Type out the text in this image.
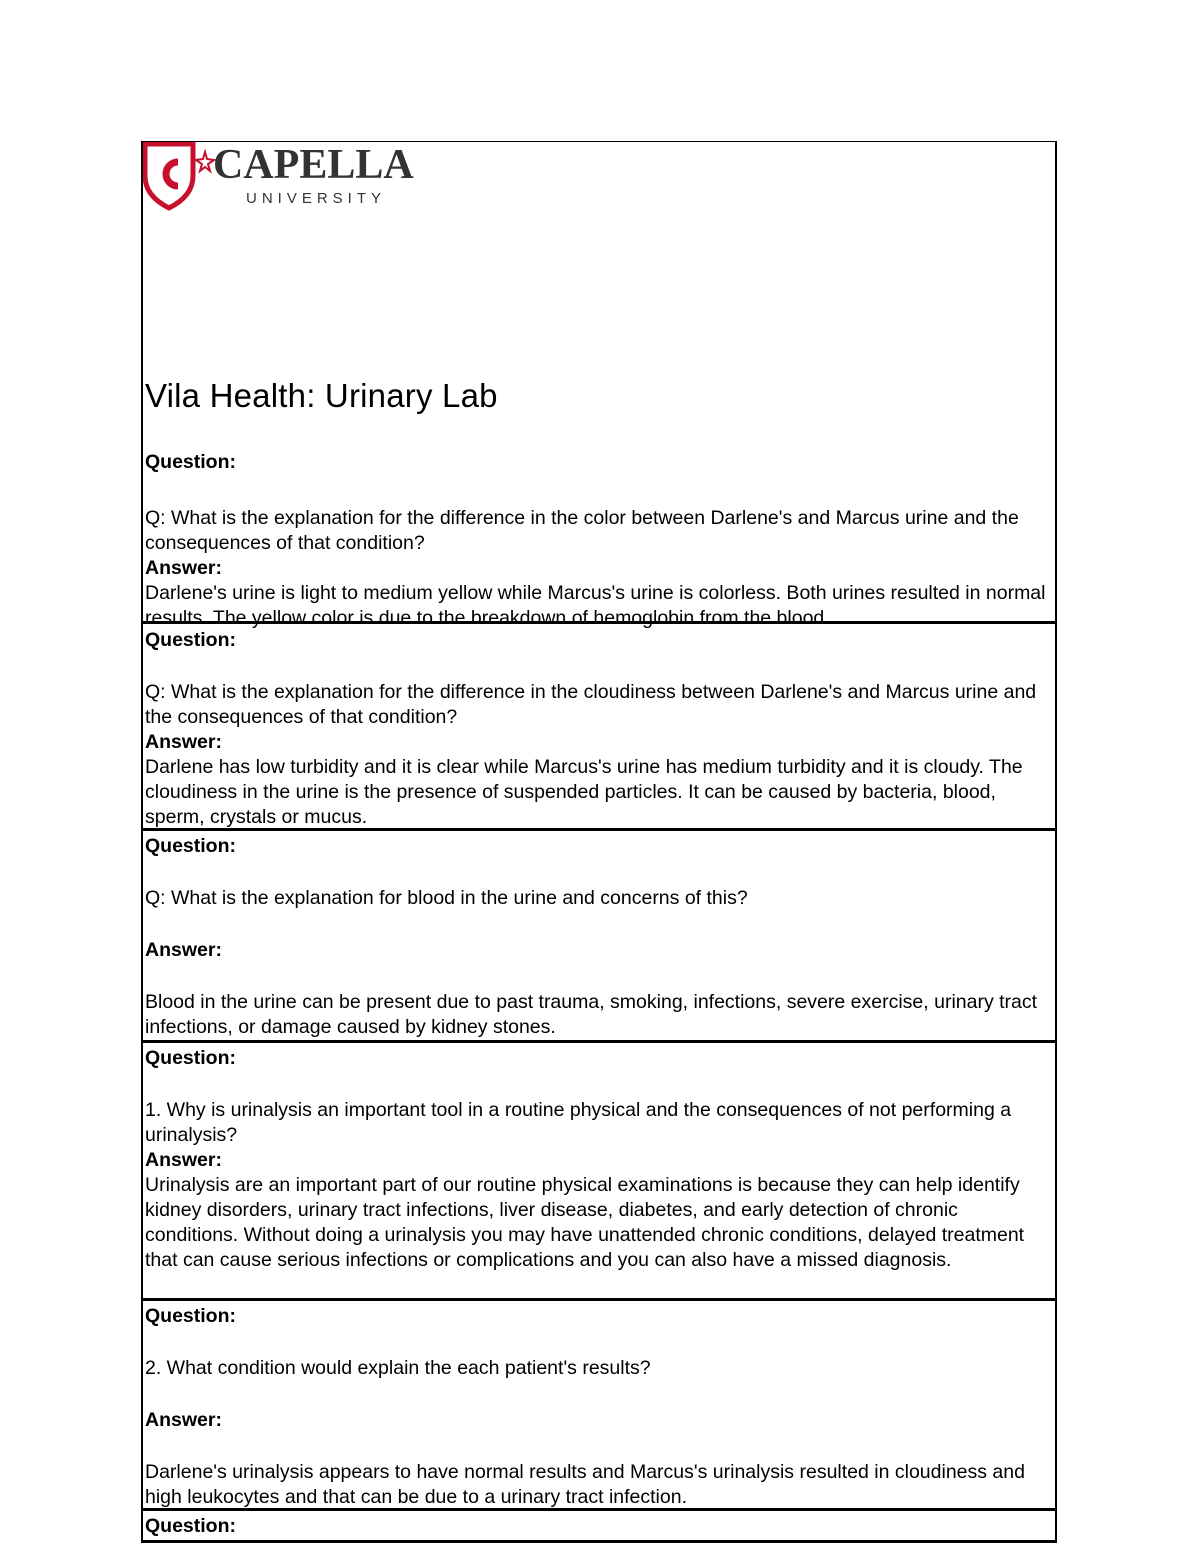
CAPELLA
UNIVERSITY
Vila Health: Urinary Lab

Question:

Q: What is the explanation for the difference in the color between Darlene's and Marcus urine and the consequences of that condition?

Answer:

Darlene's urine is light to medium yellow while Marcus's urine is colorless. Both urines resulted in normal results. The yellow color is due to the breakdown of hemoglobin from the blood.

Question:

Q: What is the explanation for the difference in the cloudiness between Darlene's and Marcus urine and the consequences of that condition?

Answer:

Darlene has low turbidity and it is clear while Marcus's urine has medium turbidity and it is cloudy. The cloudiness in the urine is the presence of suspended particles. It can be caused by bacteria, blood, sperm, crystals or mucus.

Question:

Q: What is the explanation for blood in the urine and concerns of this?

Answer:

Blood in the urine can be present due to past trauma, smoking, infections, severe exercise, urinary tract infections, or damage caused by kidney stones.

Question:

1. Why is urinalysis an important tool in a routine physical and the consequences of not performing a urinalysis?

Answer:

Urinalysis are an important part of our routine physical examinations is because they can help identify kidney disorders, urinary tract infections, liver disease, diabetes, and early detection of chronic conditions. Without doing a urinalysis you may have unattended chronic conditions, delayed treatment that can cause serious infections or complications and you can also have a missed diagnosis.

Question:

2. What condition would explain the each patient's results?

Answer:

Darlene's urinalysis appears to have normal results and Marcus's urinalysis resulted in cloudiness and high leukocytes and that can be due to a urinary tract infection.

Question:
